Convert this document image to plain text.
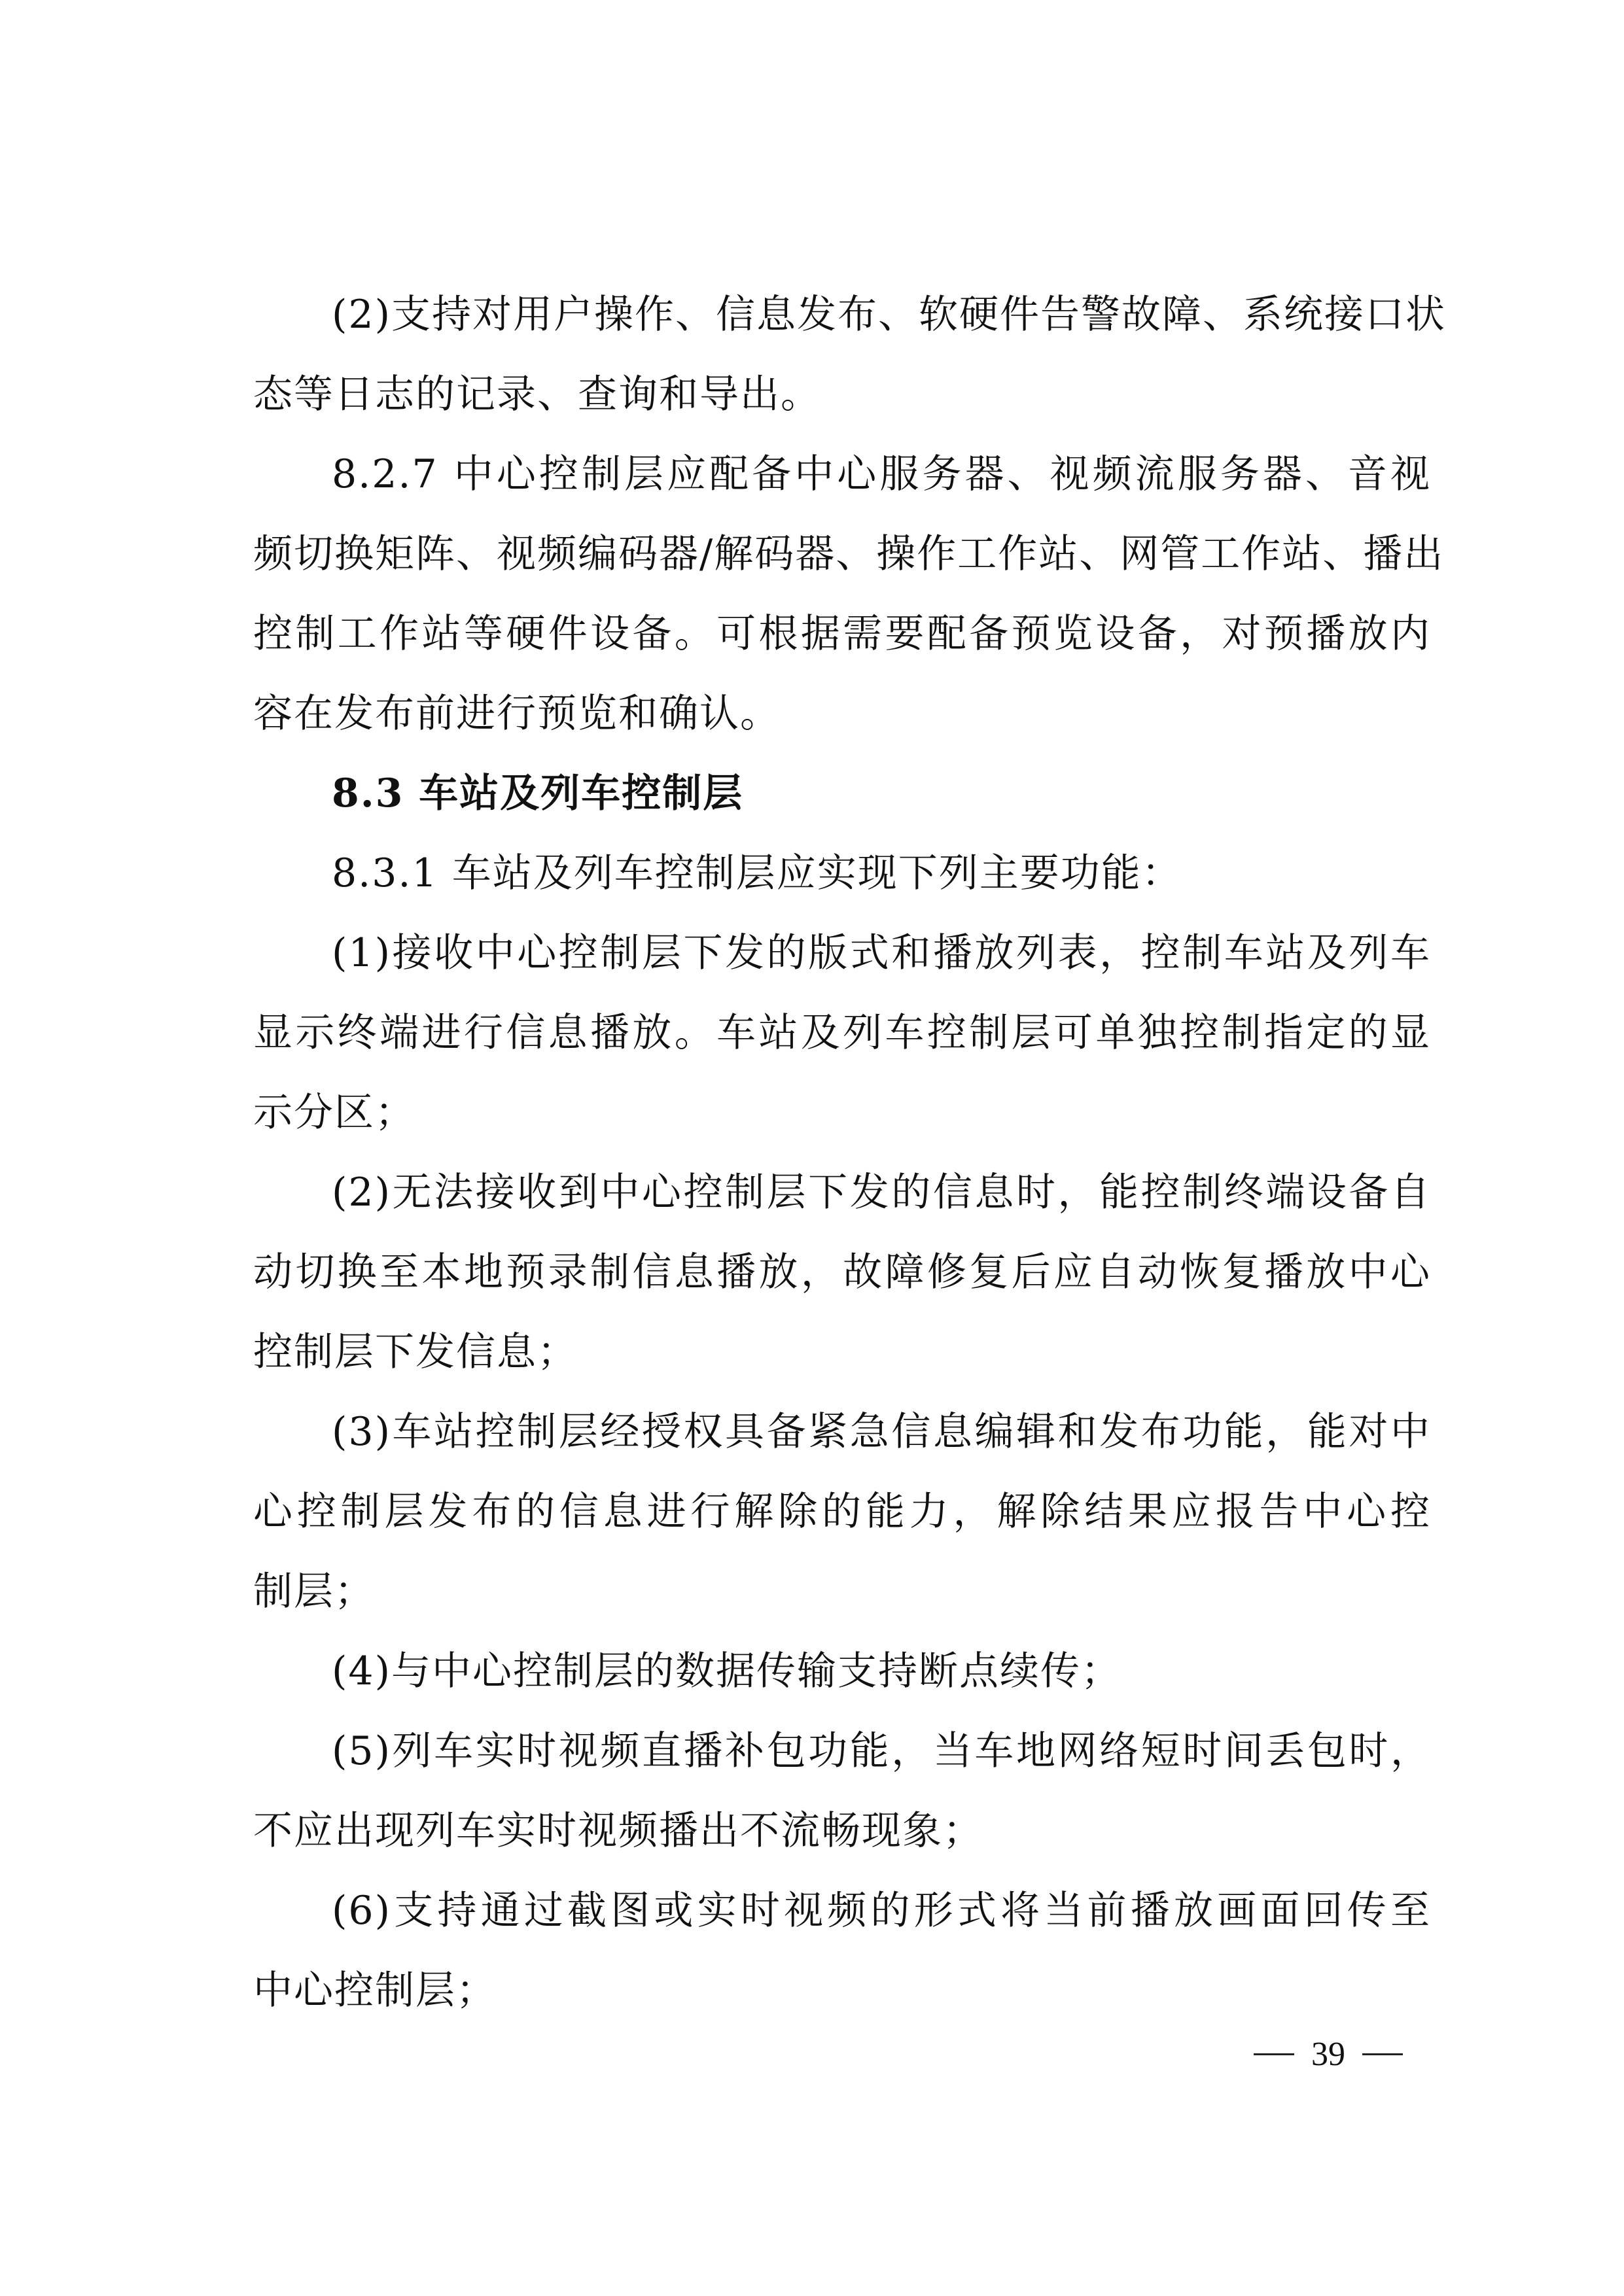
(2)支持对用户操作、信息发布、软硬件告警故障、系统接口状
态等日志的记录、查询和导出。
8.2.7 中心控制层应配备中心服务器、视频流服务器、音视
频切换矩阵、视频编码器/解码器、操作工作站、网管工作站、播出
控制工作站等硬件设备。可根据需要配备预览设备，对预播放内
容在发布前进行预览和确认。
8.3 车站及列车控制层
8.3.1 车站及列车控制层应实现下列主要功能：
(1)接收中心控制层下发的版式和播放列表，控制车站及列车
显示终端进行信息播放。车站及列车控制层可单独控制指定的显
示分区；
(2)无法接收到中心控制层下发的信息时，能控制终端设备自
动切换至本地预录制信息播放，故障修复后应自动恢复播放中心
控制层下发信息；
(3)车站控制层经授权具备紧急信息编辑和发布功能，能对中
心控制层发布的信息进行解除的能力，解除结果应报告中心控
制层；
(4)与中心控制层的数据传输支持断点续传；
(5)列车实时视频直播补包功能，当车地网络短时间丢包时，
不应出现列车实时视频播出不流畅现象；
(6)支持通过截图或实时视频的形式将当前播放画面回传至
中心控制层；
39
